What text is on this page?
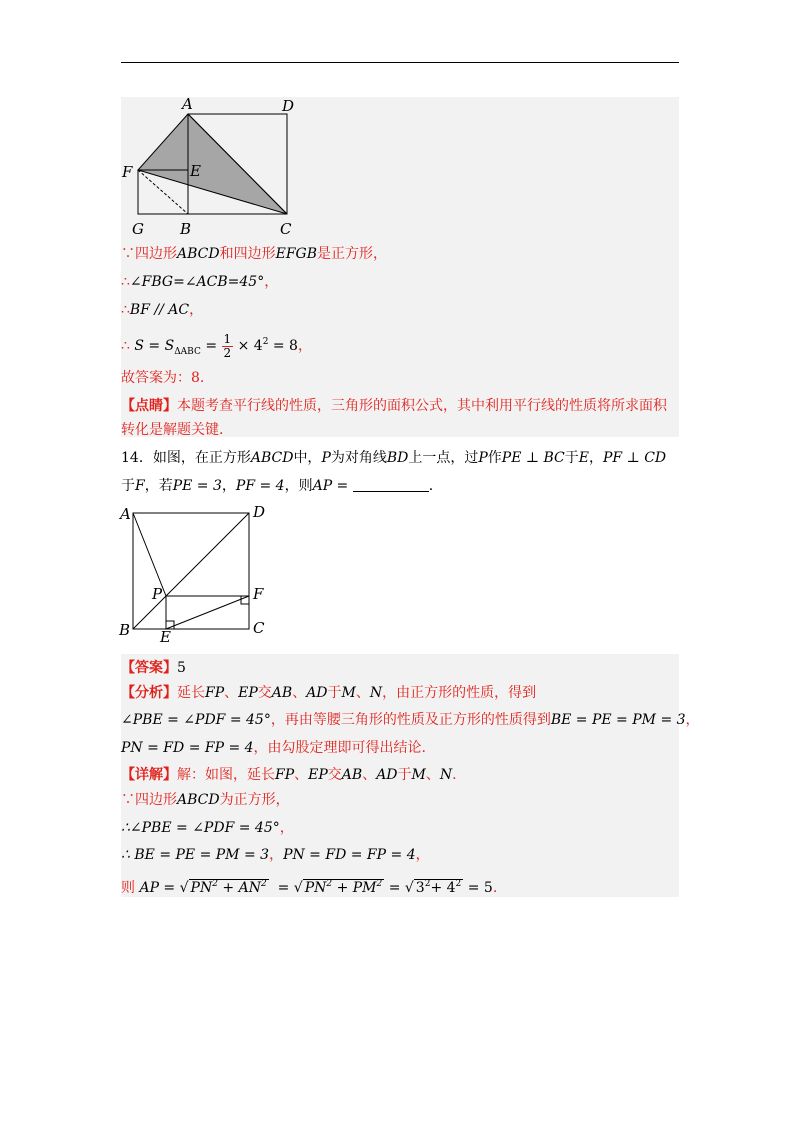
A	D
F	E
G B	C
∵四边形ABCD和四边形EFGB是正方形，
∴∠FBG=∠ACB=45°，
∴BF // AC，
∴ $S = S_{\Delta ABC} = \frac{1}{2} \times 4^2 = 8$，
故答案为：8.
【点睛】本题考查平行线的性质，三角形的面积公式，其中利用平行线的性质将所求面积
转化是解题关键.
14．如图，在正方形ABCD中，P为对角线BD上一点，过P作PE ⊥ BC于E，PF ⊥ CD
于F，若PE = 3，PF = 4，则AP =	.
A	D
P	F
B E	C
【答案】5
【分析】延长FP、EP交AB、AD于M、N，由正方形的性质，得到
∠PBE = ∠PDF = 45°，再由等腰三角形的性质及正方形的性质得到BE = PE = PM = 3，
PN = FD = FP = 4，由勾股定理即可得出结论.
【详解】解：如图，延长FP、EP交AB、AD于M、N.
∵四边形ABCD为正方形，
∴∠PBE = ∠PDF = 45°，
∴ BE = PE = PM = 3，PN = FD = FP = 4，
则 AP = √ $PN^2 + AN^2$ = √ $PN^2 + PM^2$ = √ $3^2+ 4^2 = 5$.
